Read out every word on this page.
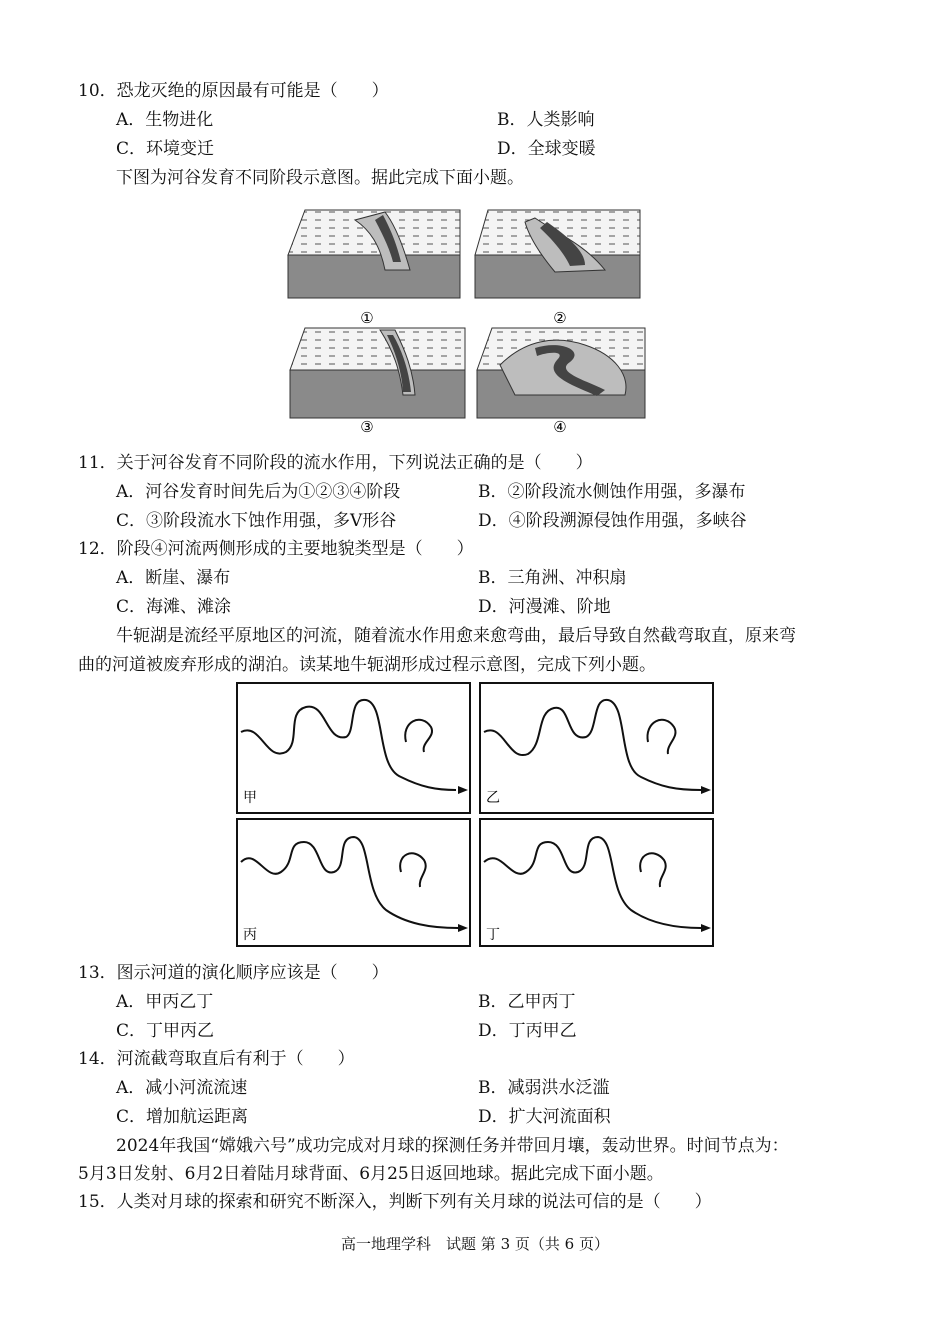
10．恐龙灭绝的原因最有可能是（　　）
A．生物进化	B．人类影响
C．环境变迁	D．全球变暖
下图为河谷发育不同阶段示意图。据此完成下面小题。
①	②
③	④
11．关于河谷发育不同阶段的流水作用，下列说法正确的是（　　）
A．河谷发育时间先后为①②③④阶段	B．②阶段流水侧蚀作用强，多瀑布
C．③阶段流水下蚀作用强，多V形谷	D．④阶段溯源侵蚀作用强，多峡谷
12．阶段④河流两侧形成的主要地貌类型是（　　）
A．断崖、瀑布	B．三角洲、冲积扇
C．海滩、滩涂	D．河漫滩、阶地
牛轭湖是流经平原地区的河流，随着流水作用愈来愈弯曲，最后导致自然截弯取直，原来弯
曲的河道被废弃形成的湖泊。读某地牛轭湖形成过程示意图，完成下列小题。
甲	乙
丙	丁
13．图示河道的演化顺序应该是（　　）
A．甲丙乙丁	B．乙甲丙丁
C．丁甲丙乙	D．丁丙甲乙
14．河流截弯取直后有利于（　　）
A．减小河流流速	B．减弱洪水泛滥
C．增加航运距离	D．扩大河流面积
2024年我国“嫦娥六号”成功完成对月球的探测任务并带回月壤，轰动世界。时间节点为：
5月3日发射、6月2日着陆月球背面、6月25日返回地球。据此完成下面小题。
15．人类对月球的探索和研究不断深入，判断下列有关月球的说法可信的是（　　）
高一地理学科　试题 第 3 页（共 6 页）
